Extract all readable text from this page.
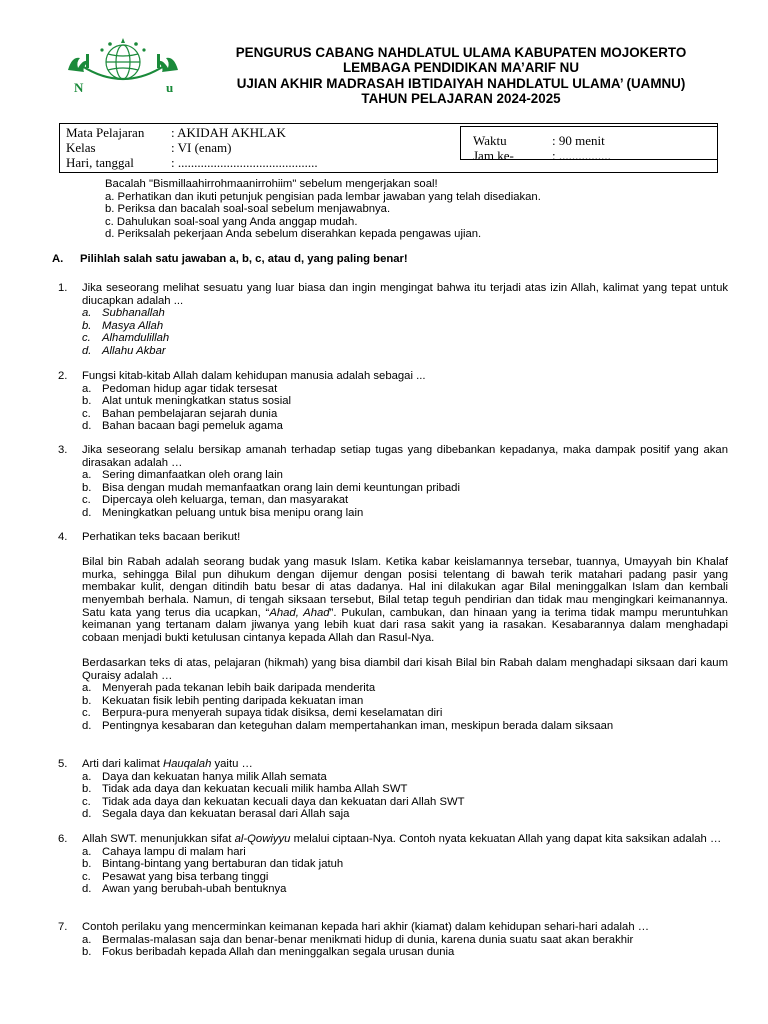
N	u
PENGURUS CABANG NAHDLATUL ULAMA KABUPATEN MOJOKERTO
LEMBAGA PENDIDIKAN MA’ARIF NU
UJIAN AKHIR MADRASAH IBTIDAIYAH NAHDLATUL ULAMA’ (UAMNU)
TAHUN PELAJARAN 2024-2025
Mata Pelajaran : AKIDAH AKHLAK
Kelas	: VI (enam)
Hari, tanggal	: ...........................................
Waktu	: 90 menit
Jam ke-	: ................
Bacalah "Bismillaahirrohmaanirrohiim" sebelum mengerjakan soal!
a. Perhatikan dan ikuti petunjuk pengisian pada lembar jawaban yang telah disediakan.
b. Periksa dan bacalah soal-soal sebelum menjawabnya.
c. Dahulukan soal-soal yang Anda anggap mudah.
d. Periksalah pekerjaan Anda sebelum diserahkan kepada pengawas ujian.
A. Pilihlah salah satu jawaban a, b, c, atau d, yang paling benar!
1. Jika seseorang melihat sesuatu yang luar biasa dan ingin mengingat bahwa itu terjadi atas izin Allah, kalimat yang tepat untuk diucapkan adalah ...

a. Subhanallah
b. Masya Allah
c. Alhamdulillah
d. Allahu Akbar
2. Fungsi kitab-kitab Allah dalam kehidupan manusia adalah sebagai ...

a. Pedoman hidup agar tidak tersesat
b. Alat untuk meningkatkan status sosial
c. Bahan pembelajaran sejarah dunia
d. Bahan bacaan bagi pemeluk agama
3. Jika seseorang selalu bersikap amanah terhadap setiap tugas yang dibebankan kepadanya, maka dampak positif yang akan dirasakan adalah …

a. Sering dimanfaatkan oleh orang lain
b. Bisa dengan mudah memanfaatkan orang lain demi keuntungan pribadi
c. Dipercaya oleh keluarga, teman, dan masyarakat
d. Meningkatkan peluang untuk bisa menipu orang lain
4. Perhatikan teks bacaan berikut!

Bilal bin Rabah adalah seorang budak yang masuk Islam. Ketika kabar keislamannya tersebar, tuannya, Umayyah bin Khalaf murka, sehingga Bilal pun dihukum dengan dijemur dengan posisi telentang di bawah terik matahari padang pasir yang membakar kulit, dengan ditindih batu besar di atas dadanya. Hal ini dilakukan agar Bilal meninggalkan Islam dan kembali menyembah berhala. Namun, di tengah siksaan tersebut, Bilal tetap teguh pendirian dan tidak mau mengingkari keimanannya. Satu kata yang terus dia ucapkan, “Ahad, Ahad”. Pukulan, cambukan, dan hinaan yang ia terima tidak mampu meruntuhkan keimanan yang tertanam dalam jiwanya yang lebih kuat dari rasa sakit yang ia rasakan. Kesabarannya dalam menghadapi cobaan menjadi bukti ketulusan cintanya kepada Allah dan Rasul-Nya.

Berdasarkan teks di atas, pelajaran (hikmah) yang bisa diambil dari kisah Bilal bin Rabah dalam menghadapi siksaan dari kaum Quraisy adalah …

a. Menyerah pada tekanan lebih baik daripada menderita
b. Kekuatan fisik lebih penting daripada kekuatan iman
c. Berpura-pura menyerah supaya tidak disiksa, demi keselamatan diri
d. Pentingnya kesabaran dan keteguhan dalam mempertahankan iman, meskipun berada dalam siksaan
5. Arti dari kalimat Hauqalah yaitu …

a. Daya dan kekuatan hanya milik Allah semata
b. Tidak ada daya dan kekuatan kecuali milik hamba Allah SWT
c. Tidak ada daya dan kekuatan kecuali daya dan kekuatan dari Allah SWT
d. Segala daya dan kekuatan berasal dari Allah saja
6. Allah SWT. menunjukkan sifat al-Qowiyyu melalui ciptaan-Nya. Contoh nyata kekuatan Allah yang dapat kita saksikan adalah …

a. Cahaya lampu di malam hari
b. Bintang-bintang yang bertaburan dan tidak jatuh
c. Pesawat yang bisa terbang tinggi
d. Awan yang berubah-ubah bentuknya
7. Contoh perilaku yang mencerminkan keimanan kepada hari akhir (kiamat) dalam kehidupan sehari-hari adalah …

a. Bermalas-malasan saja dan benar-benar menikmati hidup di dunia, karena dunia suatu saat akan berakhir
b. Fokus beribadah kepada Allah dan meninggalkan segala urusan dunia
